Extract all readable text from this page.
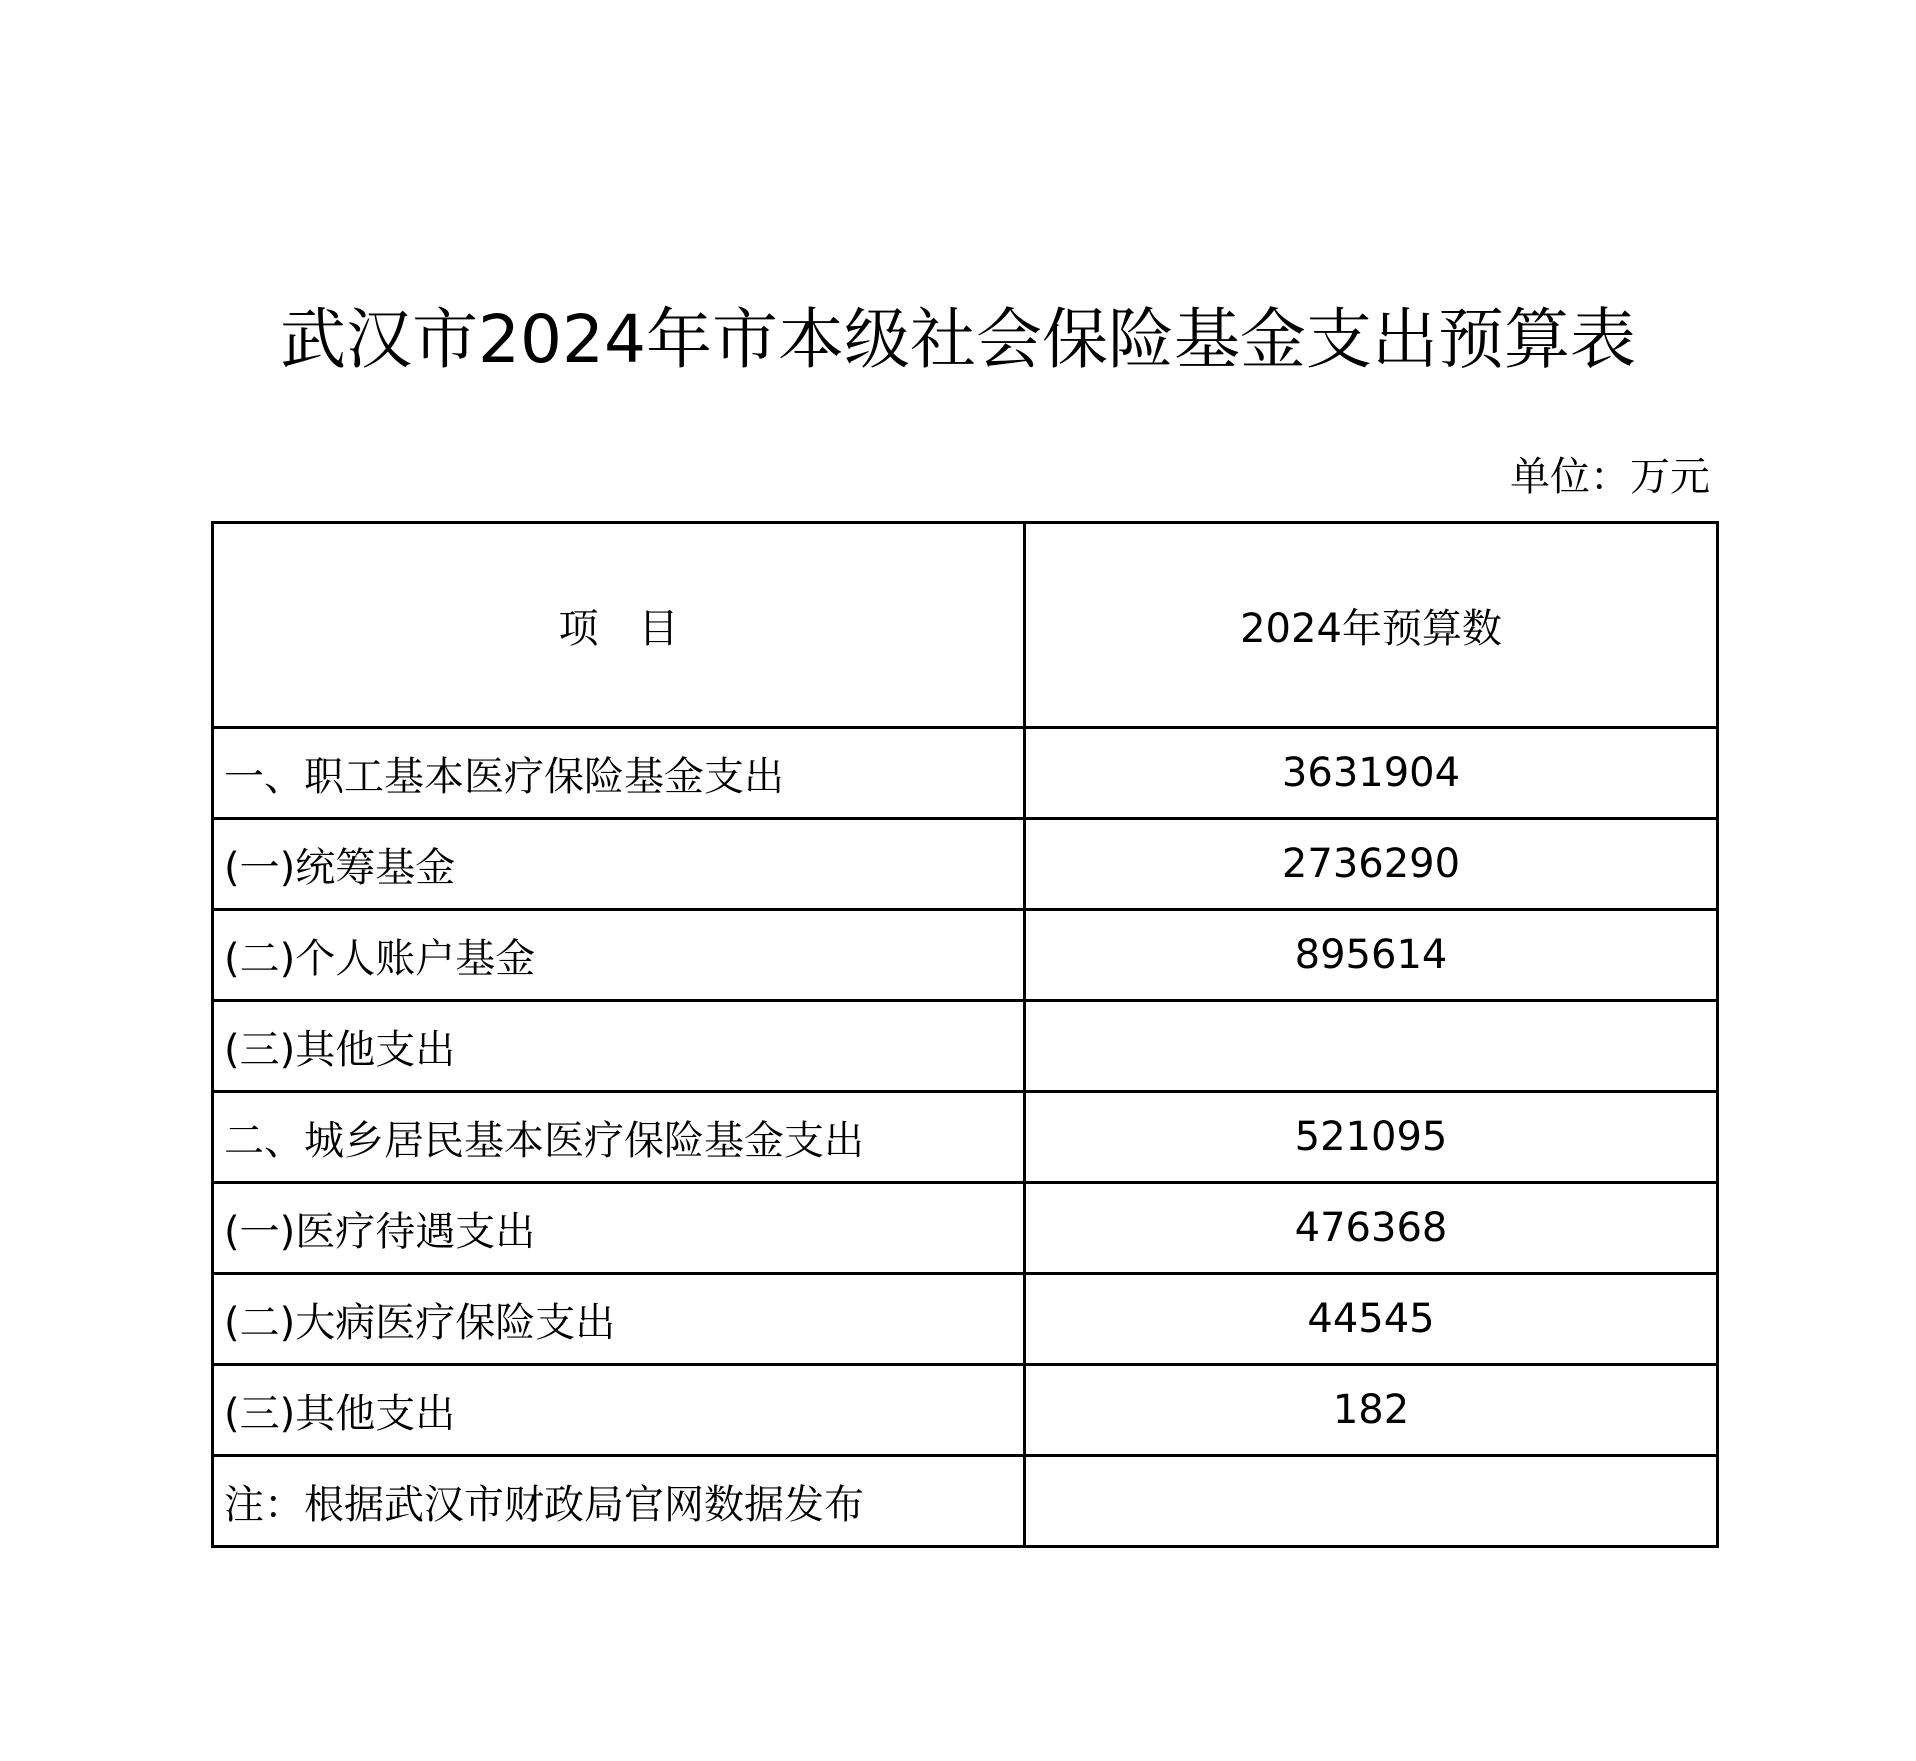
武汉市2024年市本级社会保险基金支出预算表
单位：万元
项　目	2024年预算数
一、职工基本医疗保险基金支出	3631904
(一)统筹基金	2736290
(二)个人账户基金	895614
(三)其他支出	
二、城乡居民基本医疗保险基金支出	521095
(一)医疗待遇支出	476368
(二)大病医疗保险支出	44545
(三)其他支出	182
注：根据武汉市财政局官网数据发布	
